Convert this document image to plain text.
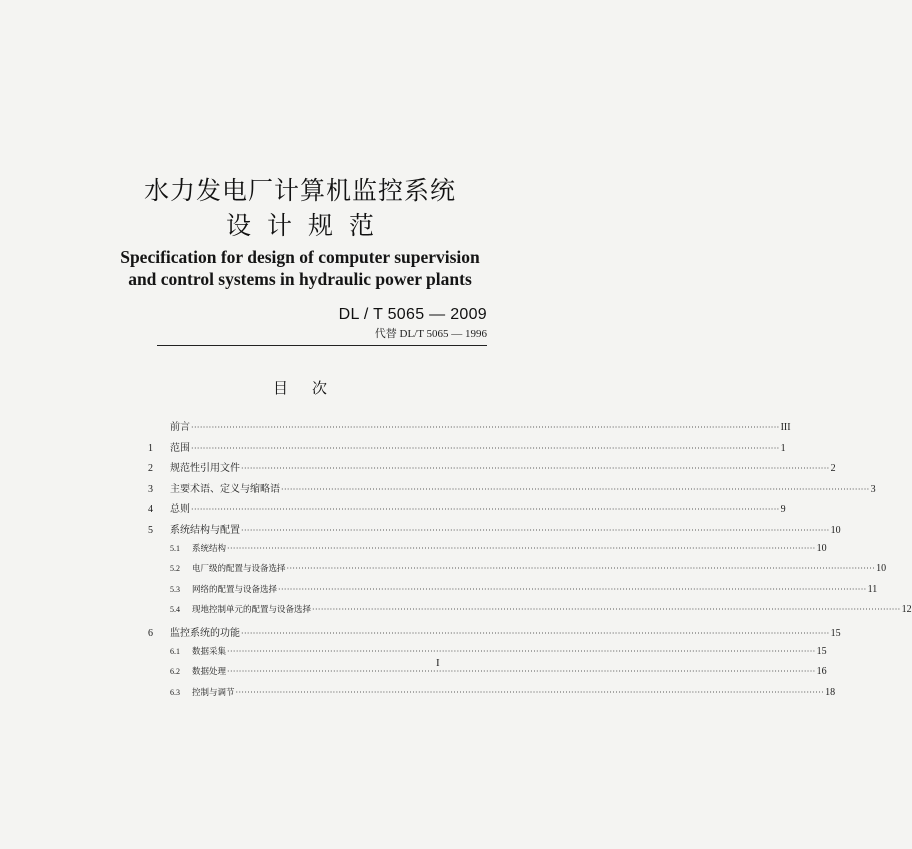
水力发电厂计算机监控系统
设计规范
Specification for design of computer supervision
and control systems in hydraulic power plants
DL / T 5065 — 2009
代替 DL/T 5065 — 1996
目次
前言 ········································································································································································································ III
1	范围 ········································································································································································································ 1
2	规范性引用文件 ········································································································································································································ 2
3	主要术语、定义与缩略语 ········································································································································································································ 3
4	总则 ········································································································································································································ 9
5	系统结构与配置 ········································································································································································································ 10
5.1	系统结构 ········································································································································································································ 10
5.2	电厂级的配置与设备选择 ········································································································································································································ 10
5.3	网络的配置与设备选择 ········································································································································································································ 11
5.4	现地控制单元的配置与设备选择 ········································································································································································································ 12
6	监控系统的功能 ········································································································································································································ 15
6.1	数据采集 ········································································································································································································ 15
6.2	数据处理 ········································································································································································································ 16
6.3	控制与调节 ········································································································································································································ 18
I
